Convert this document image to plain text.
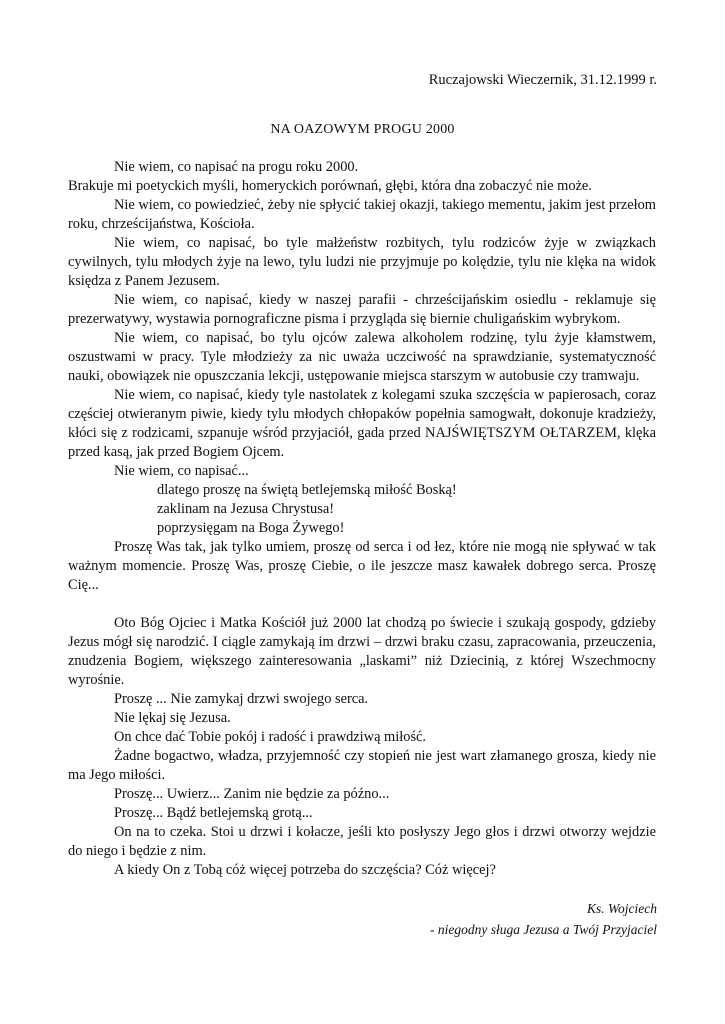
Ruczajowski Wieczernik, 31.12.1999 r.
NA OAZOWYM PROGU 2000

Nie wiem, co napisać na progu roku 2000.

Brakuje mi poetyckich myśli, homeryckich porównań, głębi, która dna zobaczyć nie może.

Nie wiem, co powiedzieć, żeby nie spłycić takiej okazji, takiego mementu, jakim jest przełom roku, chrześcijaństwa, Kościoła.

Nie wiem, co napisać, bo tyle małżeństw rozbitych, tylu rodziców żyje w związkach cywilnych, tylu młodych żyje na lewo, tylu ludzi nie przyjmuje po kolędzie, tylu nie klęka na widok księdza z Panem Jezusem.

Nie wiem, co napisać, kiedy w naszej parafii - chrześcijańskim osiedlu - reklamuje się prezerwatywy, wystawia pornograficzne pisma i przygląda się biernie chuligańskim wybrykom.

Nie wiem, co napisać, bo tylu ojców zalewa alkoholem rodzinę, tylu żyje kłamstwem, oszustwami w pracy. Tyle młodzieży za nic uważa uczciwość na sprawdzianie, systematyczność nauki, obowiązek nie opuszczania lekcji, ustępowanie miejsca starszym w autobusie czy tramwaju.

Nie wiem, co napisać, kiedy tyle nastolatek z kolegami szuka szczęścia w papierosach, coraz częściej otwieranym piwie, kiedy tylu młodych chłopaków popełnia samogwałt, dokonuje kradzieży, kłóci się z rodzicami, szpanuje wśród przyjaciół, gada przed NAJŚWIĘTSZYM OŁTARZEM, klęka przed kasą, jak przed Bogiem Ojcem.

Nie wiem, co napisać...

dlatego proszę na świętą betlejemską miłość Boską!

zaklinam na Jezusa Chrystusa!

poprzysięgam na Boga Żywego!

Proszę Was tak, jak tylko umiem, proszę od serca i od łez, które nie mogą nie spływać w tak ważnym momencie. Proszę Was, proszę Ciebie, o ile jeszcze masz kawałek dobrego serca. Proszę Cię...

Oto Bóg Ojciec i Matka Kościół już 2000 lat chodzą po świecie i szukają gospody, gdzieby Jezus mógł się narodzić. I ciągle zamykają im drzwi – drzwi braku czasu, zapracowania, przeuczenia, znudzenia Bogiem, większego zainteresowania „laskami” niż Dziecinią, z której Wszechmocny wyrośnie.

Proszę ... Nie zamykaj drzwi swojego serca.

Nie lękaj się Jezusa.

On chce dać Tobie pokój i radość i prawdziwą miłość.

Żadne bogactwo, władza, przyjemność czy stopień nie jest wart złamanego grosza, kiedy nie ma Jego miłości.

Proszę... Uwierz... Zanim nie będzie za późno...

Proszę... Bądź betlejemską grotą...

On na to czeka. Stoi u drzwi i kołacze, jeśli kto posłyszy Jego głos i drzwi otworzy wejdzie do niego i będzie z nim.

A kiedy On z Tobą cóż więcej potrzeba do szczęścia? Cóż więcej?

Ks. Wojciech
- niegodny sługa Jezusa a Twój Przyjaciel
